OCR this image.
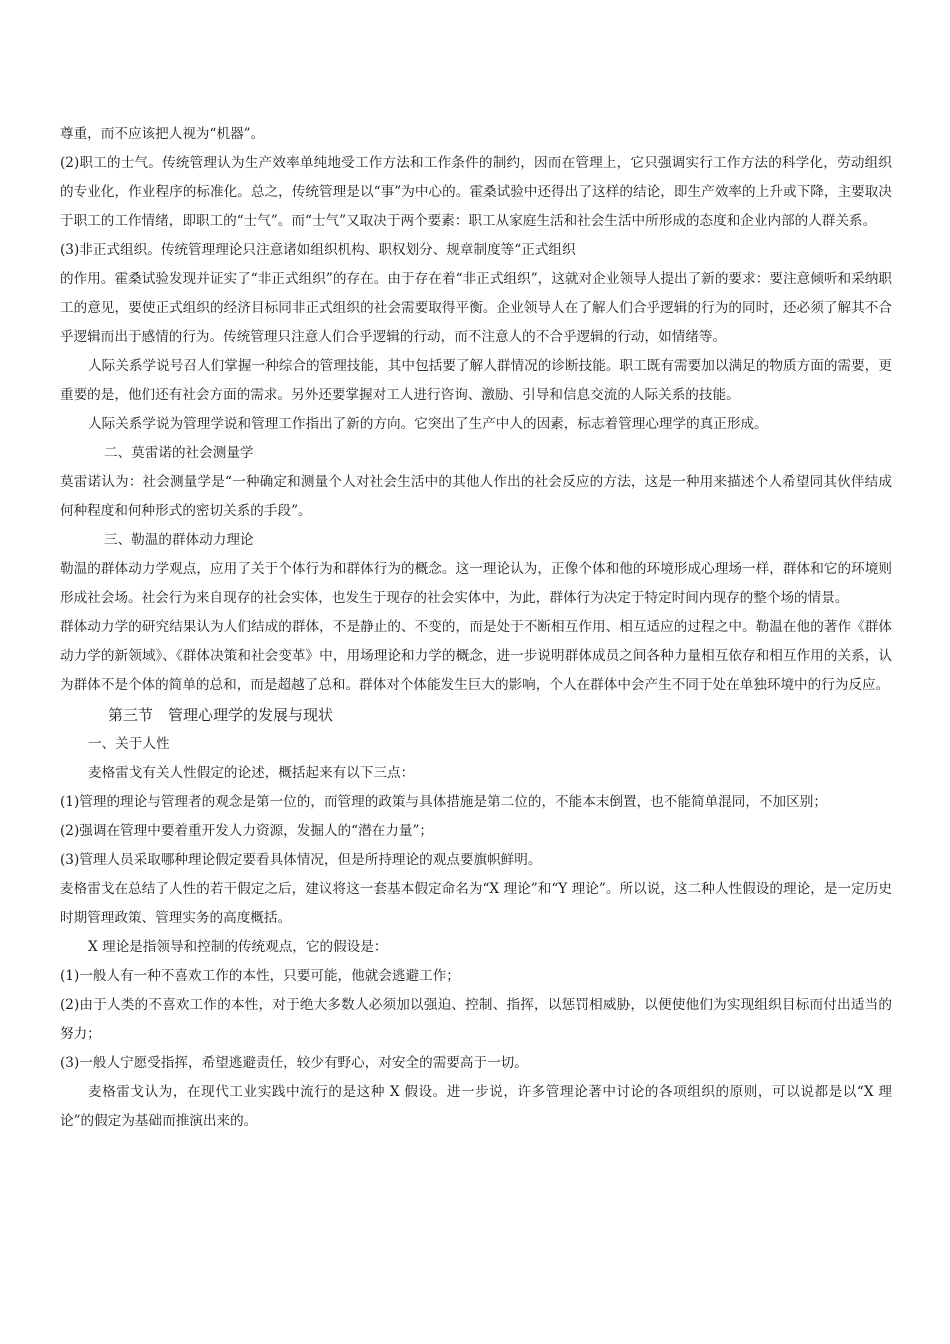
尊重，而不应该把人视为“机器”。

(2)职工的士气。传统管理认为生产效率单纯地受工作方法和工作条件的制约，因而在管理上，它只强调实行工作方法的科学化，劳动组织的专业化，作业程序的标准化。总之，传统管理是以“事”为中心的。霍桑试验中还得出了这样的结论，即生产效率的上升或下降，主要取决于职工的工作情绪，即职工的“士气”。而“士气”又取决于两个要素：职工从家庭生活和社会生活中所形成的态度和企业内部的人群关系。

(3)非正式组织。传统管理理论只注意诸如组织机构、职权划分、规章制度等“正式组织

的作用。霍桑试验发现并证实了“非正式组织”的存在。由于存在着“非正式组织”，这就对企业领导人提出了新的要求：要注意倾听和采纳职工的意见，要使正式组织的经济目标同非正式组织的社会需要取得平衡。企业领导人在了解人们合乎逻辑的行为的同时，还必须了解其不合乎逻辑而出于感情的行为。传统管理只注意人们合乎逻辑的行动，而不注意人的不合乎逻辑的行动，如情绪等。

人际关系学说号召人们掌握一种综合的管理技能，其中包括要了解人群情况的诊断技能。职工既有需要加以满足的物质方面的需要，更重要的是，他们还有社会方面的需求。另外还要掌握对工人进行咨询、激励、引导和信息交流的人际关系的技能。

人际关系学说为管理学说和管理工作指出了新的方向。它突出了生产中人的因素，标志着管理心理学的真正形成。

二、莫雷诺的社会测量学

莫雷诺认为：社会测量学是“一种确定和测量个人对社会生活中的其他人作出的社会反应的方法，这是一种用来描述个人希望同其伙伴结成何种程度和何种形式的密切关系的手段”。

三、勒温的群体动力理论

勒温的群体动力学观点，应用了关于个体行为和群体行为的概念。这一理论认为，正像个体和他的环境形成心理场一样，群体和它的环境则形成社会场。社会行为来自现存的社会实体，也发生于现存的社会实体中，为此，群体行为决定于特定时间内现存的整个场的情景。

群体动力学的研究结果认为人们结成的群体，不是静止的、不变的，而是处于不断相互作用、相互适应的过程之中。勒温在他的著作《群体动力学的新领域》、《群体决策和社会变革》中，用场理论和力学的概念，进一步说明群体成员之间各种力量相互依存和相互作用的关系，认为群体不是个体的简单的总和，而是超越了总和。群体对个体能发生巨大的影响，个人在群体中会产生不同于处在单独环境中的行为反应。

第三节　管理心理学的发展与现状

一、关于人性

麦格雷戈有关人性假定的论述，概括起来有以下三点：

(1)管理的理论与管理者的观念是第一位的，而管理的政策与具体措施是第二位的，不能本末倒置，也不能简单混同，不加区别；

(2)强调在管理中要着重开发人力资源，发掘人的“潜在力量”；

(3)管理人员采取哪种理论假定要看具体情况，但是所持理论的观点要旗帜鲜明。

麦格雷戈在总结了人性的若干假定之后，建议将这一套基本假定命名为“X 理论”和“Y 理论”。所以说，这二种人性假设的理论，是一定历史时期管理政策、管理实务的高度概括。

X 理论是指领导和控制的传统观点，它的假设是：

(1)一般人有一种不喜欢工作的本性，只要可能，他就会逃避工作；

(2)由于人类的不喜欢工作的本性，对于绝大多数人必须加以强迫、控制、指挥，以惩罚相威胁，以便使他们为实现组织目标而付出适当的努力；

(3)一般人宁愿受指挥，希望逃避责任，较少有野心，对安全的需要高于一切。

麦格雷戈认为，在现代工业实践中流行的是这种 X 假设。进一步说，许多管理论著中讨论的各项组织的原则，可以说都是以“X 理论”的假定为基础而推演出来的。
